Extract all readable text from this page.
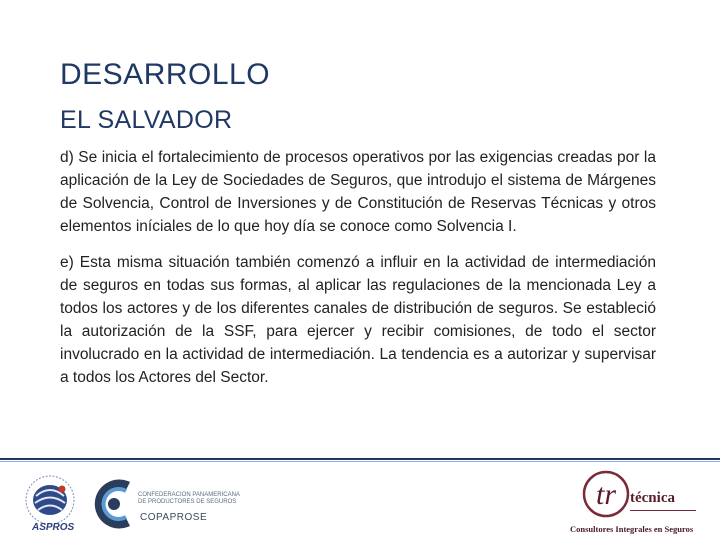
DESARROLLO
EL SALVADOR

d) Se inicia el fortalecimiento de procesos operativos por las exigencias creadas por la aplicación de la Ley de Sociedades de Seguros, que introdujo el sistema de Márgenes de Solvencia, Control de Inversiones y de Constitución de Reservas Técnicas y otros elementos iníciales de lo que hoy día se conoce como Solvencia I.

e) Esta misma situación también comenzó a influir en la actividad de intermediación de seguros en todas sus formas, al aplicar las regulaciones de la mencionada Ley a todos los actores y de los diferentes canales de distribución de seguros. Se estableció la autorización de la SSF, para ejercer y recibir comisiones, de todo el sector involucrado en la actividad de intermediación. La tendencia es a autorizar y supervisar a todos los Actores del Sector.

ASPROS
CONFEDERACION PANAMERICANA DE PRODUCTORES DE SEGUROS
COPAPROSE
tr técnica
Consultores Integrales en Seguros
